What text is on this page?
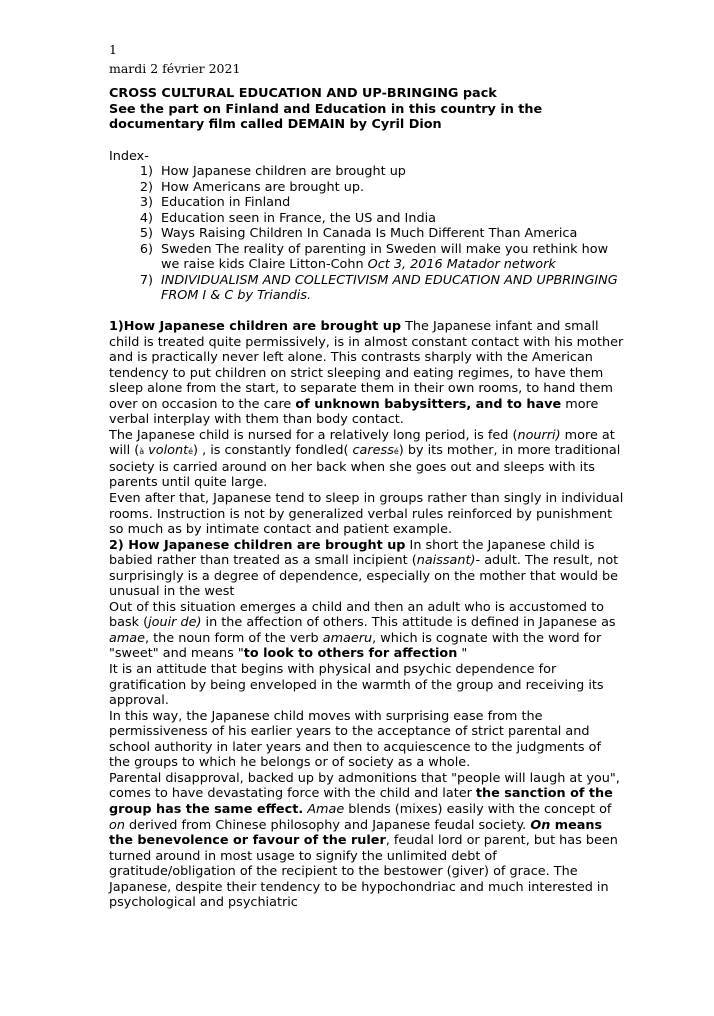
1
mardi 2 février 2021
CROSS CULTURAL EDUCATION AND UP-BRINGING pack
See the part on Finland and Education in this country in the documentary film called DEMAIN by Cyril Dion
Index-
1) How Japanese children are brought up
2) How Americans are brought up.
3) Education in Finland
4) Education seen in France, the US and India
5) Ways Raising Children In Canada Is Much Different Than America
6) Sweden The reality of parenting in Sweden will make you rethink how we raise kids Claire Litton-Cohn Oct 3, 2016 Matador network
7) INDIVIDUALISM AND COLLECTIVISM AND EDUCATION AND UPBRINGING FROM I & C by Triandis.

1)How Japanese children are brought up The Japanese infant and small child is treated quite permissively, is in almost constant contact with his mother and is practically never left alone. This contrasts sharply with the American tendency to put children on strict sleeping and eating regimes, to have them sleep alone from the start, to separate them in their own rooms, to hand them over on occasion to the care of unknown babysitters, and to have more verbal interplay with them than body contact.

The Japanese child is nursed for a relatively long period, is fed (nourri) more at will (à volonté) , is constantly fondled( caressé) by its mother, in more traditional society is carried around on her back when she goes out and sleeps with its parents until quite large.

Even after that, Japanese tend to sleep in groups rather than singly in individual rooms. Instruction is not by generalized verbal rules reinforced by punishment so much as by intimate contact and patient example.

2) How Japanese children are brought up In short the Japanese child is babied rather than treated as a small incipient (naissant)- adult. The result, not surprisingly is a degree of dependence, especially on the mother that would be unusual in the west

Out of this situation emerges a child and then an adult who is accustomed to bask (jouir de) in the affection of others. This attitude is defined in Japanese as amae, the noun form of the verb amaeru, which is cognate with the word for "sweet" and means "to look to others for affection "

It is an attitude that begins with physical and psychic dependence for gratification by being enveloped in the warmth of the group and receiving its approval.

In this way, the Japanese child moves with surprising ease from the permissiveness of his earlier years to the acceptance of strict parental and school authority in later years and then to acquiescence to the judgments of the groups to which he belongs or of society as a whole.

Parental disapproval, backed up by admonitions that "people will laugh at you", comes to have devastating force with the child and later the sanction of the group has the same effect. Amae blends (mixes) easily with the concept of on derived from Chinese philosophy and Japanese feudal society. On means the benevolence or favour of the ruler, feudal lord or parent, but has been turned around in most usage to signify the unlimited debt of gratitude/obligation of the recipient to the bestower (giver) of grace. The Japanese, despite their tendency to be hypochondriac and much interested in psychological and psychiatric
